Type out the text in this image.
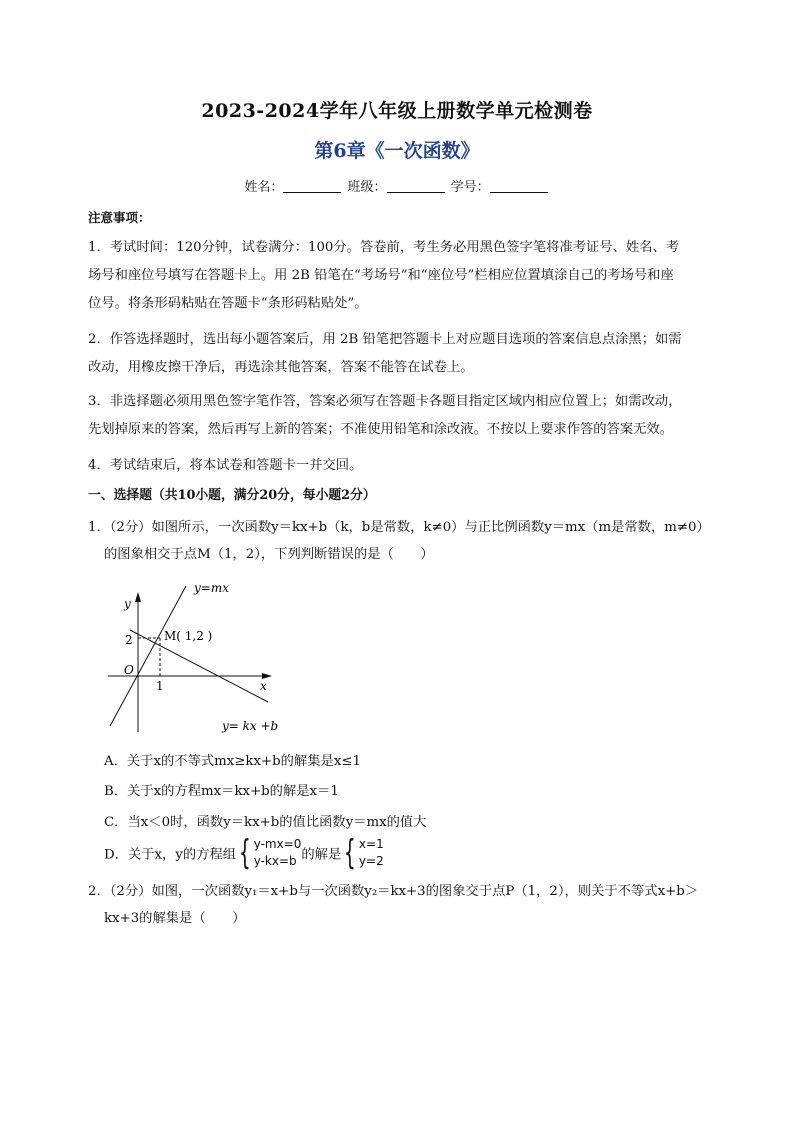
2023-2024学年八年级上册数学单元检测卷
第6章《一次函数》
姓名：	班级：	学号：
注意事项：
1．考试时间：120分钟，试卷满分：100分。答卷前，考生务必用黑色签字笔将准考证号、姓名、考
场号和座位号填写在答题卡上。用 2B 铅笔在“考场号”和“座位号”栏相应位置填涂自己的考场号和座
位号。将条形码粘贴在答题卡“条形码粘贴处”。
2．作答选择题时，选出每小题答案后，用 2B 铅笔把答题卡上对应题目选项的答案信息点涂黑；如需
改动，用橡皮擦干净后，再选涂其他答案，答案不能答在试卷上。
3．非选择题必须用黑色签字笔作答，答案必须写在答题卡各题目指定区域内相应位置上；如需改动，
先划掉原来的答案，然后再写上新的答案；不准使用铅笔和涂改液。不按以上要求作答的答案无效。
4．考试结束后，将本试卷和答题卡一并交回。
一、选择题（共10小题，满分20分，每小题2分）
1．（2分）如图所示，一次函数y＝kx+b（k，b是常数，k≠0）与正比例函数y＝mx（m是常数，m≠0）
的图象相交于点M（1，2），下列判断错误的是（　　）
y=mx
y= kx +b
M( 1,2 )
y
x
O
2
1
A．关于x的不等式mx≥kx+b的解集是x≤1
B．关于x的方程mx＝kx+b的解是x＝1
C．当x＜0时，函数y＝kx+b的值比函数y＝mx的值大
D．关于x，y的方程组{ y-mx=0
y-kx=b 的解是{ x=1
y=2
2．（2分）如图，一次函数y₁＝x+b与一次函数y₂＝kx+3的图象交于点P（1，2），则关于不等式x+b＞
kx+3的解集是（　　）
